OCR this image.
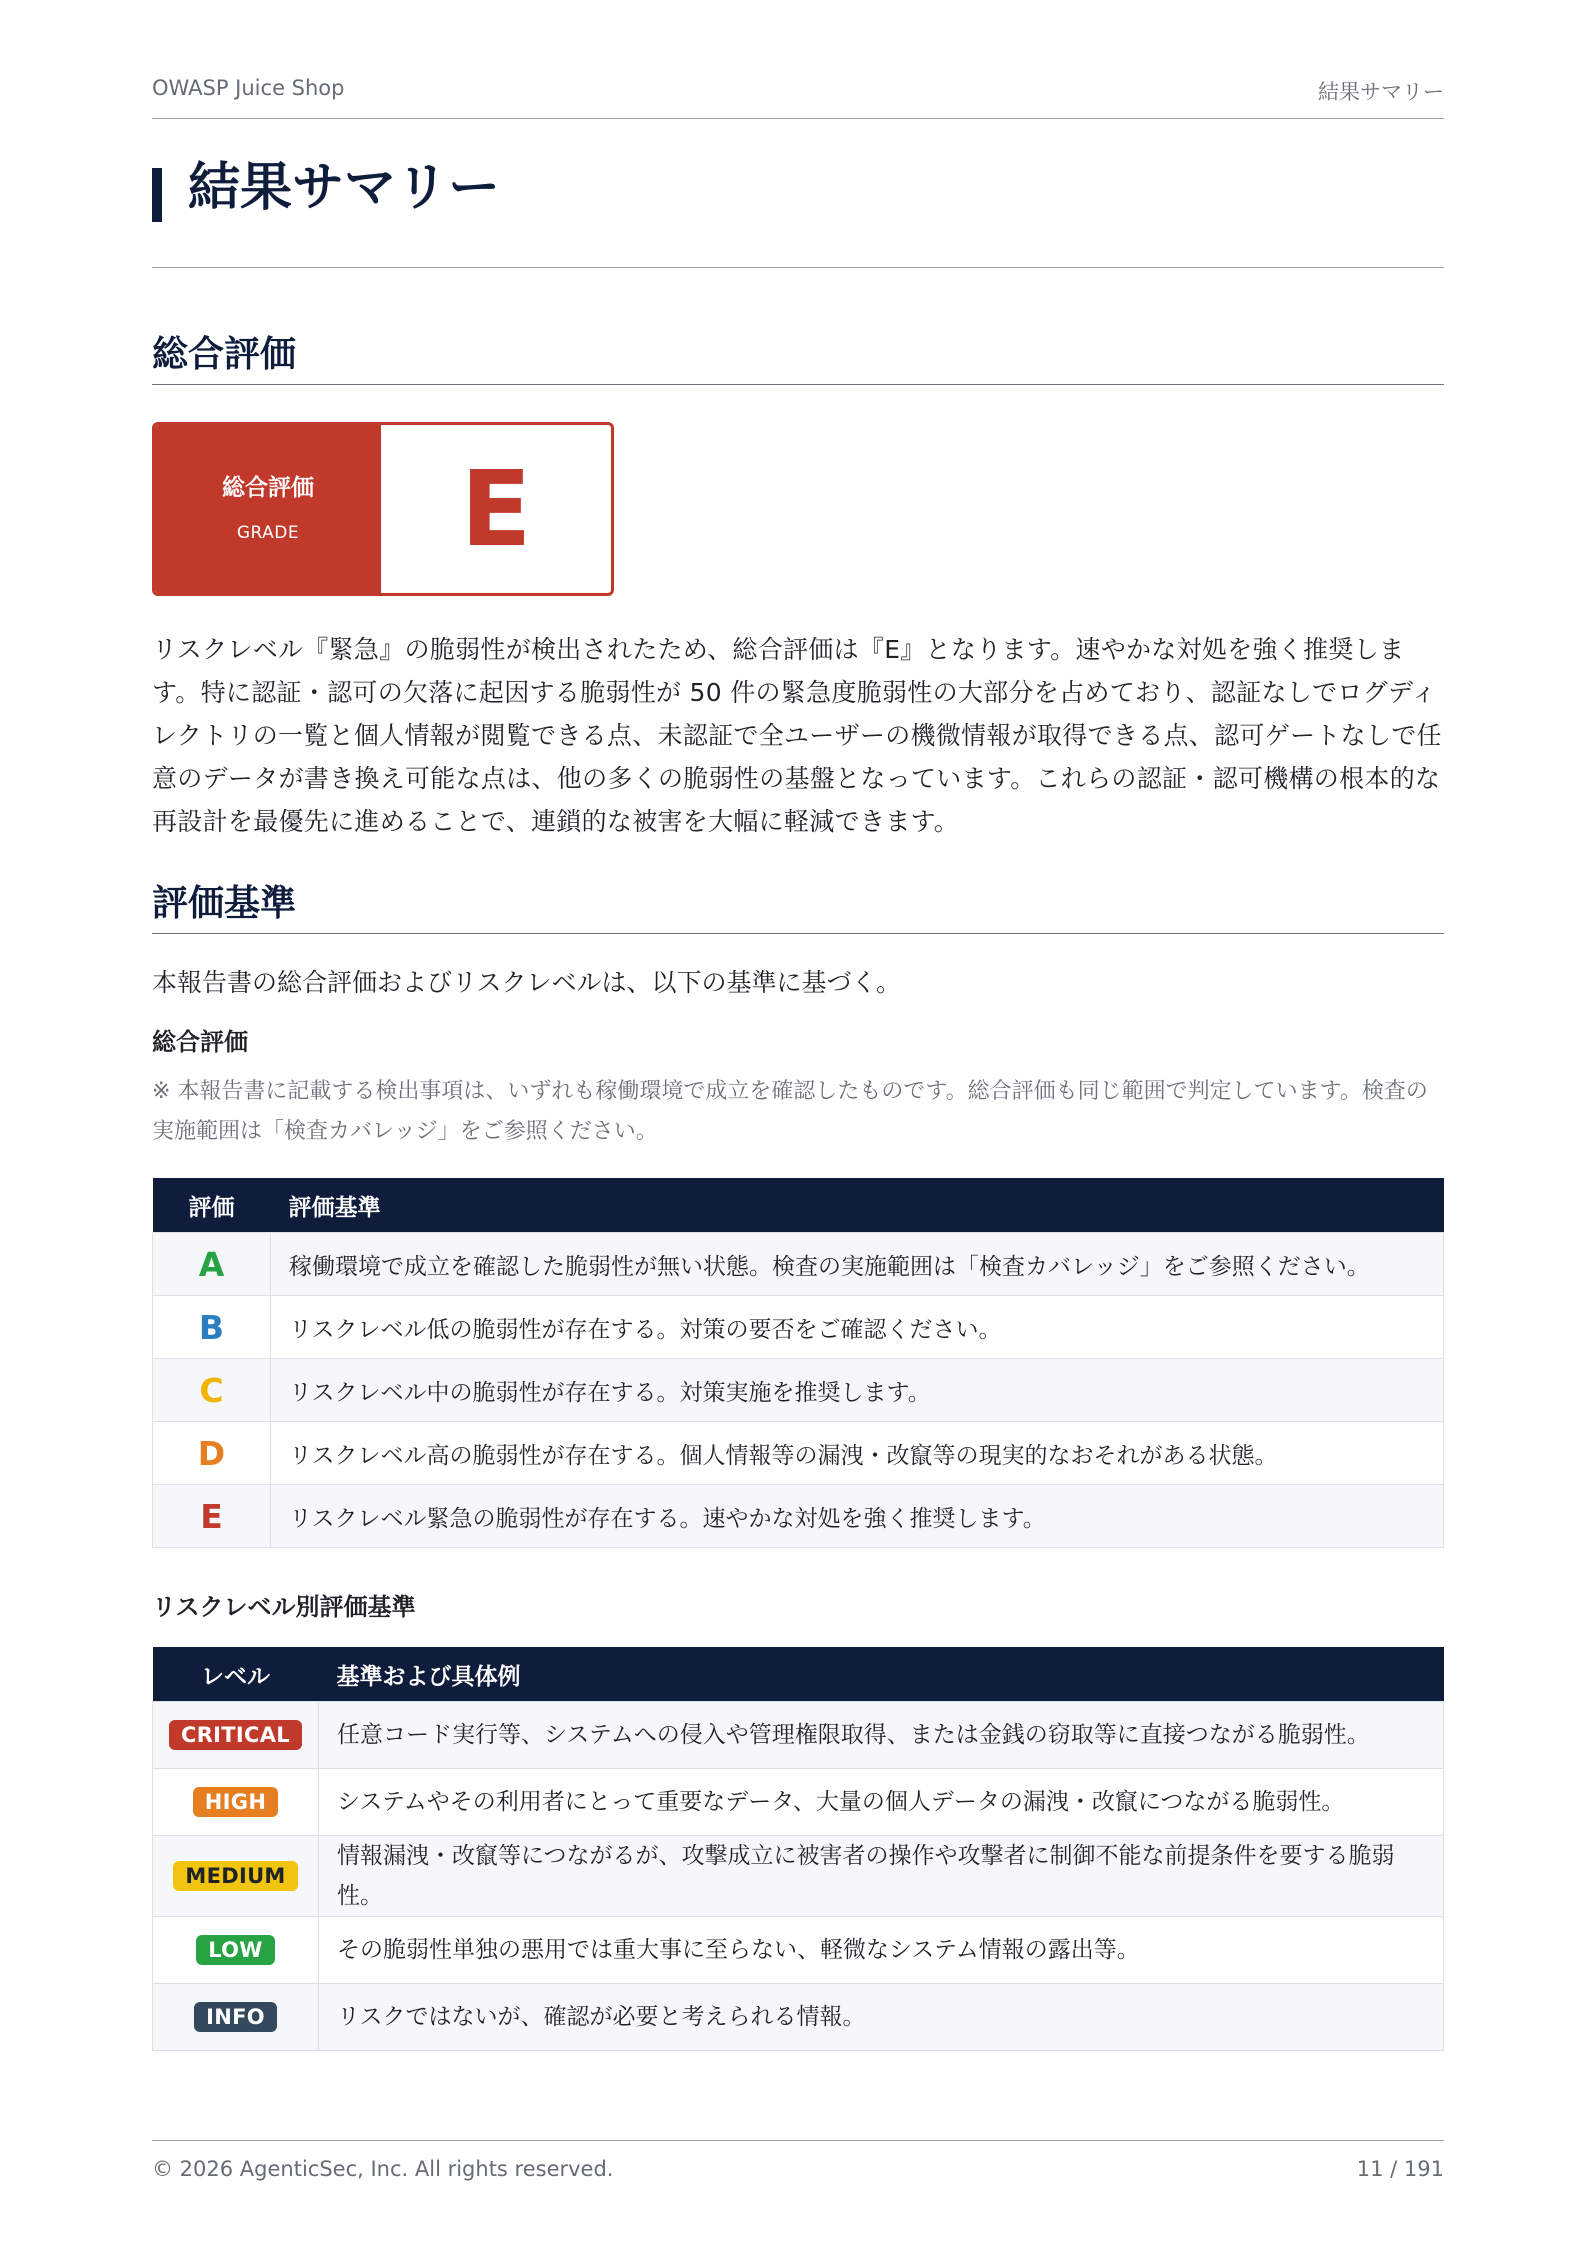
OWASP Juice Shop	結果サマリー
結果サマリー
総合評価
総合評価
GRADE	E

リスクレベル『緊急』の脆弱性が検出されたため、総合評価は『E』となります。速やかな対処を強く推奨します。特に認証・認可の欠落に起因する脆弱性が 50 件の緊急度脆弱性の大部分を占めており、認証なしでログディレクトリの一覧と個人情報が閲覧できる点、未認証で全ユーザーの機微情報が取得できる点、認可ゲートなしで任意のデータが書き換え可能な点は、他の多くの脆弱性の基盤となっています。これらの認証・認可機構の根本的な再設計を最優先に進めることで、連鎖的な被害を大幅に軽減できます。

評価基準
本報告書の総合評価およびリスクレベルは、以下の基準に基づく。
総合評価

※ 本報告書に記載する検出事項は、いずれも稼働環境で成立を確認したものです。総合評価も同じ範囲で判定しています。検査の実施範囲は「検査カバレッジ」をご参照ください。

評価	評価基準
A	稼働環境で成立を確認した脆弱性が無い状態。検査の実施範囲は「検査カバレッジ」をご参照ください。
B	リスクレベル低の脆弱性が存在する。対策の要否をご確認ください。
C	リスクレベル中の脆弱性が存在する。対策実施を推奨します。
D	リスクレベル高の脆弱性が存在する。個人情報等の漏洩・改竄等の現実的なおそれがある状態。
E	リスクレベル緊急の脆弱性が存在する。速やかな対処を強く推奨します。
リスクレベル別評価基準
レベル	基準および具体例
CRITICAL	任意コード実行等、システムへの侵入や管理権限取得、または金銭の窃取等に直接つながる脆弱性。
HIGH	システムやその利用者にとって重要なデータ、大量の個人データの漏洩・改竄につながる脆弱性。
MEDIUM	情報漏洩・改竄等につながるが、攻撃成立に被害者の操作や攻撃者に制御不能な前提条件を要する脆弱性。
LOW	その脆弱性単独の悪用では重大事に至らない、軽微なシステム情報の露出等。
INFO	リスクではないが、確認が必要と考えられる情報。
© 2026 AgenticSec, Inc. All rights reserved.	11 / 191
